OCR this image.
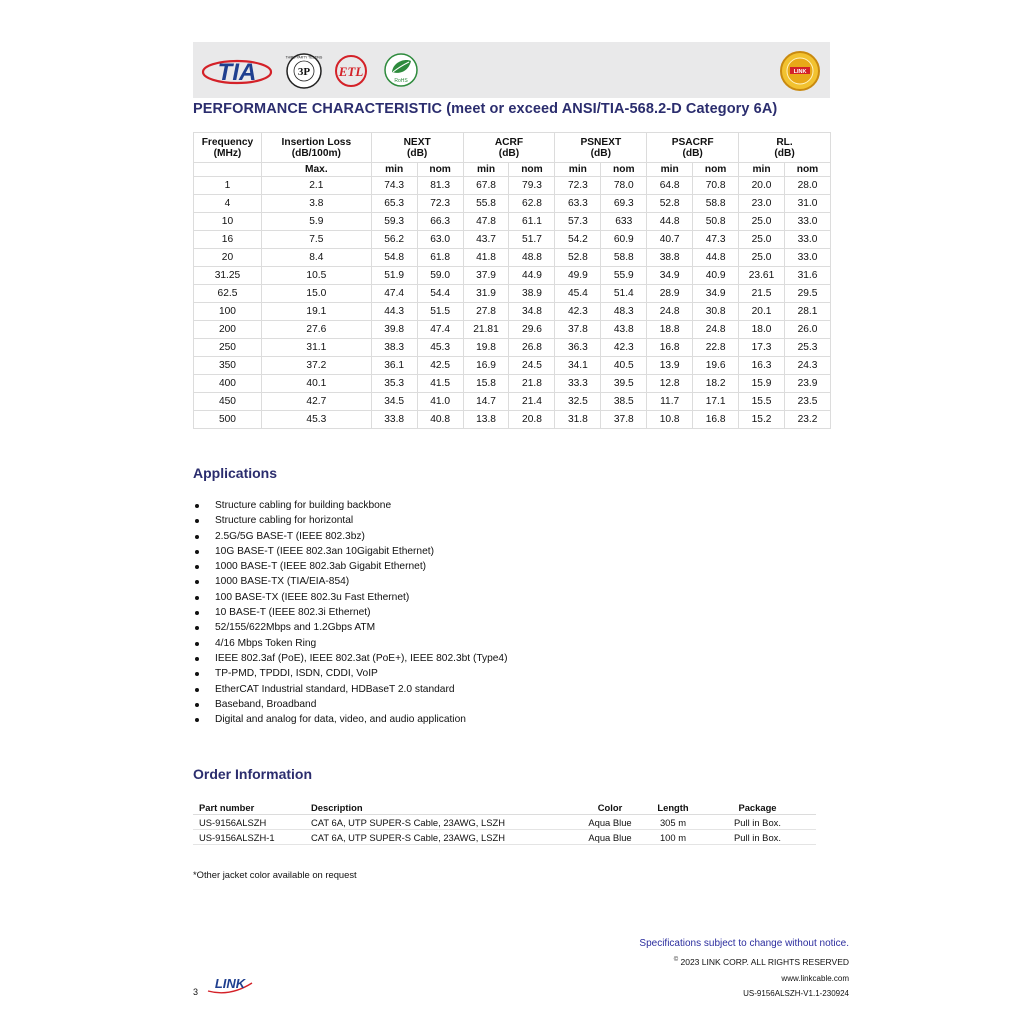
TIA	3P
THIRD PARTY TESTING
ETL
RoHS
LINK
PERFORMANCE CHARACTERISTIC (meet or exceed ANSI/TIA-568.2-D Category 6A)
Frequency
(MHz)	Insertion Loss
(dB/100m)	NEXT
(dB)		ACRF
(dB)		PSNEXT
(dB)		PSACRF
(dB)		RL.
(dB)	
	Max.	min	nom	min	nom	min	nom	min	nom	min	nom
1	2.1	74.3	81.3	67.8	79.3	72.3	78.0	64.8	70.8	20.0	28.0
4	3.8	65.3	72.3	55.8	62.8	63.3	69.3	52.8	58.8	23.0	31.0
10	5.9	59.3	66.3	47.8	61.1	57.3	633	44.8	50.8	25.0	33.0
16	7.5	56.2	63.0	43.7	51.7	54.2	60.9	40.7	47.3	25.0	33.0
20	8.4	54.8	61.8	41.8	48.8	52.8	58.8	38.8	44.8	25.0	33.0
31.25	10.5	51.9	59.0	37.9	44.9	49.9	55.9	34.9	40.9	23.61	31.6
62.5	15.0	47.4	54.4	31.9	38.9	45.4	51.4	28.9	34.9	21.5	29.5
100	19.1	44.3	51.5	27.8	34.8	42.3	48.3	24.8	30.8	20.1	28.1
200	27.6	39.8	47.4	21.81	29.6	37.8	43.8	18.8	24.8	18.0	26.0
250	31.1	38.3	45.3	19.8	26.8	36.3	42.3	16.8	22.8	17.3	25.3
350	37.2	36.1	42.5	16.9	24.5	34.1	40.5	13.9	19.6	16.3	24.3
400	40.1	35.3	41.5	15.8	21.8	33.3	39.5	12.8	18.2	15.9	23.9
450	42.7	34.5	41.0	14.7	21.4	32.5	38.5	11.7	17.1	15.5	23.5
500	45.3	33.8	40.8	13.8	20.8	31.8	37.8	10.8	16.8	15.2	23.2
Applications
Structure cabling for building backbone
Structure cabling for horizontal
2.5G/5G BASE-T (IEEE 802.3bz)
10G BASE-T (IEEE 802.3an 10Gigabit Ethernet)
1000 BASE-T (IEEE 802.3ab Gigabit Ethernet)
1000 BASE-TX (TIA/EIA-854)
100 BASE-TX (IEEE 802.3u Fast Ethernet)
10 BASE-T (IEEE 802.3i Ethernet)
52/155/622Mbps and 1.2Gbps ATM
4/16 Mbps Token Ring
IEEE 802.3af (PoE), IEEE 802.3at (PoE+), IEEE 802.3bt (Type4)
TP-PMD, TPDDI, ISDN, CDDI, VoIP
EtherCAT Industrial standard, HDBaseT 2.0 standard
Baseband, Broadband
Digital and analog for data, video, and audio application
Order Information
Part number	Description	Color	Length	Package
US-9156ALSZH	CAT 6A, UTP SUPER-S Cable, 23AWG, LSZH	Aqua Blue	305 m	Pull in Box.
US-9156ALSZH-1	CAT 6A, UTP SUPER-S Cable, 23AWG, LSZH	Aqua Blue	100 m	Pull in Box.
*Other jacket color available on request
Specifications subject to change without notice.
© 2023 LINK CORP. ALL RIGHTS RESERVED
www.linkcable.com
US-9156ALSZH-V1.1-230924
3
LINK
